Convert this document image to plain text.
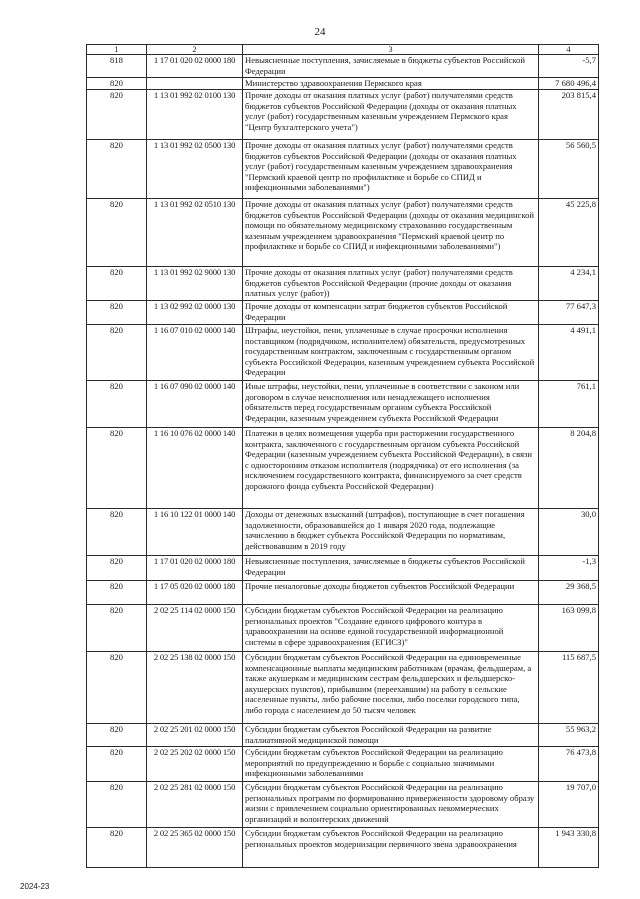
24
1	2	3	4
818	1 17 01 020 02 0000 180	Невыясненные поступления, зачисляемые в бюджеты субъектов Российской Федерации	-5,7
820		Министерство здравоохранения Пермского края	7 680 496,4
820	1 13 01 992 02 0100 130	Прочие доходы от оказания платных услуг (работ) получателями средств бюджетов субъектов Российской Федерации (доходы от оказания платных услуг (работ) государственным казенным учреждением Пермского края "Центр бухгалтерского учета")	203 815,4
820	1 13 01 992 02 0500 130	Прочие доходы от оказания платных услуг (работ) получателями средств бюджетов субъектов Российской Федерации (доходы от оказания платных услуг (работ) государственным казенным учреждением здравоохранения "Пермский краевой центр по профилактике и борьбе со СПИД и инфекционными заболеваниями")	56 560,5
820	1 13 01 992 02 0510 130	Прочие доходы от оказания платных услуг (работ) получателями средств бюджетов субъектов Российской Федерации (доходы от оказания медицинской помощи по обязательному медицинскому страхованию государственным казенным учреждением здравоохранения "Пермский краевой центр по профилактике и борьбе со СПИД и инфекционными заболеваниями")	45 225,8
820	1 13 01 992 02 9000 130	Прочие доходы от оказания платных услуг (работ) получателями средств бюджетов субъектов Российской Федерации (прочие доходы от оказания платных услуг (работ))	4 234,1
820	1 13 02 992 02 0000 130	Прочие доходы от компенсации затрат бюджетов субъектов Российской Федерации	77 647,3
820	1 16 07 010 02 0000 140	Штрафы, неустойки, пени, уплаченные в случае просрочки исполнения поставщиком (подрядчиком, исполнителем) обязательств, предусмотренных государственным контрактом, заключенным с государственным органом субъекта Российской Федерации, казенным учреждением субъекта Российской Федерации	4 491,1
820	1 16 07 090 02 0000 140	Иные штрафы, неустойки, пени, уплаченные в соответствии с законом или договором в случае неисполнения или ненадлежащего исполнения обязательств перед государственным органом субъекта Российской Федерации, казенным учреждением субъекта Российской Федерации	761,1
820	1 16 10 076 02 0000 140	Платежи в целях возмещения ущерба при расторжении государственного контракта, заключенного с государственным органом субъекта Российской Федерации (казенным учреждением субъекта Российской Федерации), в связи с односторонним отказом исполнителя (подрядчика) от его исполнения (за исключением государственного контракта, финансируемого за счет средств дорожного фонда субъекта Российской Федерации)	8 204,8
820	1 16 10 122 01 0000 140	Доходы от денежных взысканий (штрафов), поступающие в счет погашения задолженности, образовавшейся до 1 января 2020 года, подлежащие зачислению в бюджет субъекта Российской Федерации по нормативам, действовавшим в 2019 году	30,0
820	1 17 01 020 02 0000 180	Невыясненные поступления, зачисляемые в бюджеты субъектов Российской Федерации	-1,3
820	1 17 05 020 02 0000 180	Прочие неналоговые доходы бюджетов субъектов Российской Федерации	29 368,5
820	2 02 25 114 02 0000 150	Субсидии бюджетам субъектов Российской Федерации на реализацию региональных проектов "Создание единого цифрового контура в здравоохранении на основе единой государственной информационной системы в сфере здравоохранения (ЕГИСЗ)"	163 099,8
820	2 02 25 138 02 0000 150	Субсидии бюджетам субъектов Российской Федерации на единовременные компенсационные выплаты медицинским работникам (врачам, фельдшерам, а также акушеркам и медицинским сестрам фельдшерских и фельдшерско-акушерских пунктов), прибывшим (переехавшим) на работу в сельские населенные пункты, либо рабочие поселки, либо поселки городского типа, либо города с населением до 50 тысяч человек	115 687,5
820	2 02 25 201 02 0000 150	Субсидии бюджетам субъектов Российской Федерации на развитие паллиативной медицинской помощи	55 963,2
820	2 02 25 202 02 0000 150	Субсидии бюджетам субъектов Российской Федерации на реализацию мероприятий по предупреждению и борьбе с социально значимыми инфекционными заболеваниями	76 473,8
820	2 02 25 281 02 0000 150	Субсидии бюджетам субъектов Российской Федерации на реализацию региональных программ по формированию приверженности здоровому образу жизни с привлечением социально ориентированных некоммерческих организаций и волонтерских движений	19 707,0
820	2 02 25 365 02 0000 150	Субсидии бюджетам субъектов Российской Федерации на реализацию региональных проектов модернизации первичного звена здравоохранения	1 943 330,8
2024-23
